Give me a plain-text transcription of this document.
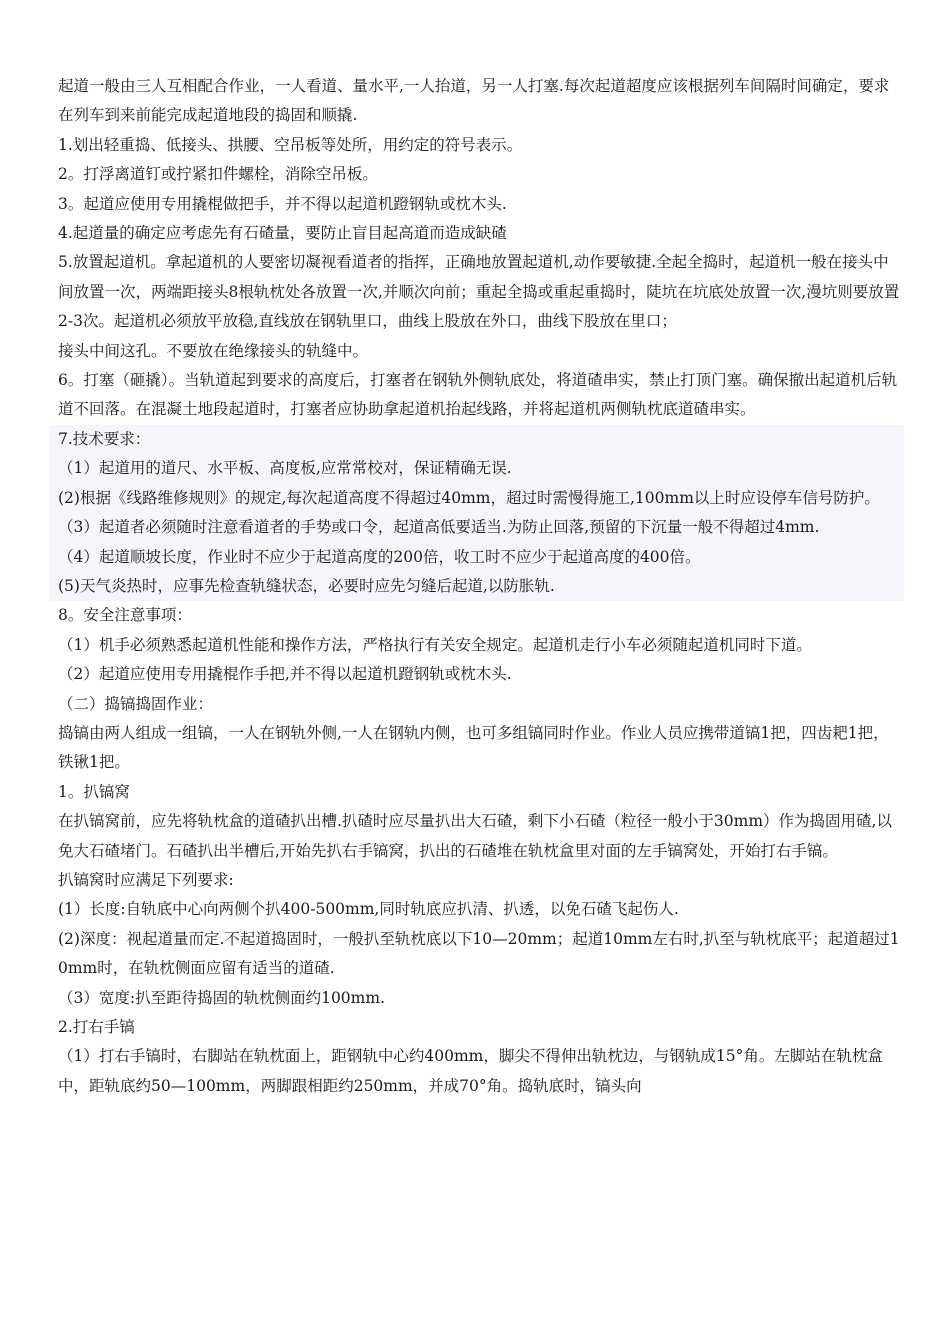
起道一般由三人互相配合作业，一人看道、量水平,一人抬道，另一人打塞.每次起道超度应该根据列车间隔时间确定，要求在列车到来前能完成起道地段的捣固和顺撬.

1.划出轻重捣、低接头、拱腰、空吊板等处所，用约定的符号表示。

2。打浮离道钉或拧紧扣件螺栓，消除空吊板。

3。起道应使用专用撬棍做把手，并不得以起道机蹬钢轨或枕木头.

4.起道量的确定应考虑先有石碴量，要防止盲目起高道而造成缺碴

5.放置起道机。拿起道机的人要密切凝视看道者的指挥，正确地放置起道机,动作要敏捷.全起全捣时，起道机一般在接头中间放置一次，两端距接头8根轨枕处各放置一次,并顺次向前；重起全捣或重起重捣时，陡坑在坑底处放置一次,漫坑则要放置2-3次。起道机必须放平放稳,直线放在钢轨里口，曲线上股放在外口，曲线下股放在里口；

接头中间这孔。不要放在绝缘接头的轨缝中。

6。打塞（砸撬）。当轨道起到要求的高度后，打塞者在钢轨外侧轨底处，将道碴串实，禁止打顶门塞。确保撤出起道机后轨道不回落。在混凝土地段起道时，打塞者应协助拿起道机抬起线路，并将起道机两侧轨枕底道碴串实。

7.技术要求：

（1）起道用的道尺、水平板、高度板,应常常校对，保证精确无误.

(2)根据《线路维修规则》的规定,每次起道高度不得超过40mm，超过时需慢得施工,100mm以上时应设停车信号防护。

（3）起道者必须随时注意看道者的手势或口令，起道高低要适当.为防止回落,预留的下沉量一般不得超过4mm.

（4）起道顺坡长度，作业时不应少于起道高度的200倍，收工时不应少于起道高度的400倍。

(5)天气炎热时，应事先检查轨缝状态，必要时应先匀缝后起道,以防胀轨.

8。安全注意事项：

（1）机手必须熟悉起道机性能和操作方法，严格执行有关安全规定。起道机走行小车必须随起道机同时下道。

（2）起道应使用专用撬棍作手把,并不得以起道机蹬钢轨或枕木头.

（二）捣镐捣固作业：

捣镐由两人组成一组镐，一人在钢轨外侧,一人在钢轨内侧，也可多组镐同时作业。作业人员应携带道镐1把，四齿耙1把，铁锹1把。

1。扒镐窝

在扒镐窝前，应先将轨枕盒的道碴扒出槽.扒碴时应尽量扒出大石碴，剩下小石碴（粒径一般小于30mm）作为捣固用碴,以免大石碴堵门。石碴扒出半槽后,开始先扒右手镐窝，扒出的石碴堆在轨枕盒里对面的左手镐窝处，开始打右手镐。

扒镐窝时应满足下列要求:

(1）长度:自轨底中心向两侧个扒400-500mm,同时轨底应扒清、扒透，以免石碴飞起伤人.

(2)深度：视起道量而定.不起道捣固时，一般扒至轨枕底以下10—20mm；起道10mm左右时,扒至与轨枕底平；起道超过10mm时，在轨枕侧面应留有适当的道碴.

（3）宽度:扒至距待捣固的轨枕侧面约100mm.

2.打右手镐

（1）打右手镐时，右脚站在轨枕面上，距钢轨中心约400mm，脚尖不得伸出轨枕边，与钢轨成15°角。左脚站在轨枕盒中，距轨底约50—100mm，两脚跟相距约250mm，并成70°角。捣轨底时，镐头向
